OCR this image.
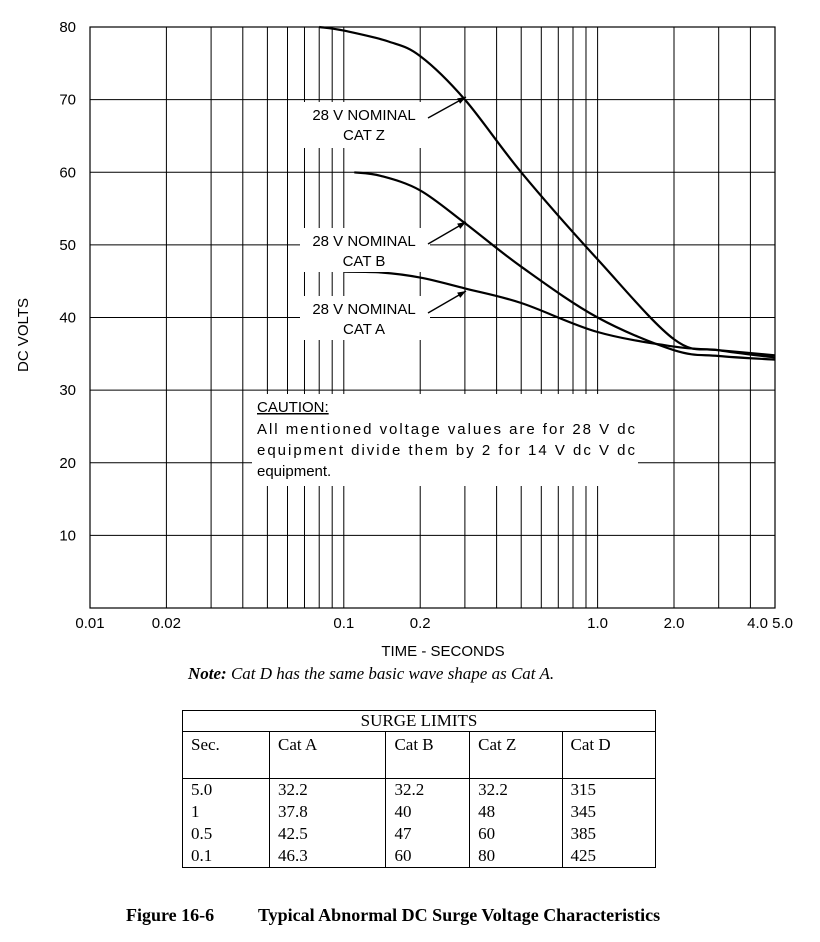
28 V NOMINAL
CAT Z
28 V NOMINAL
CAT B
28 V NOMINAL
CAT A
CAUTION:
All mentioned voltage values are for 28 V dc
equipment divide them by 2 for 14 V dc V dc
equipment.
10
20
30
40
50
60
70
80
0.01	0.02	0.1	0.2	1.0	2.0	4.0 5.0
DC VOLTS
TIME - SECONDS
Note: Cat D has the same basic wave shape as Cat A.
SURGE LIMITS				
Sec.	Cat A	Cat B	Cat Z	Cat D
5.0	32.2	32.2	32.2	315
1	37.8	40	48	345
0.5	42.5	47	60	385
0.1	46.3	60	80	425
Figure 16-6 Typical Abnormal DC Surge Voltage Characteristics
